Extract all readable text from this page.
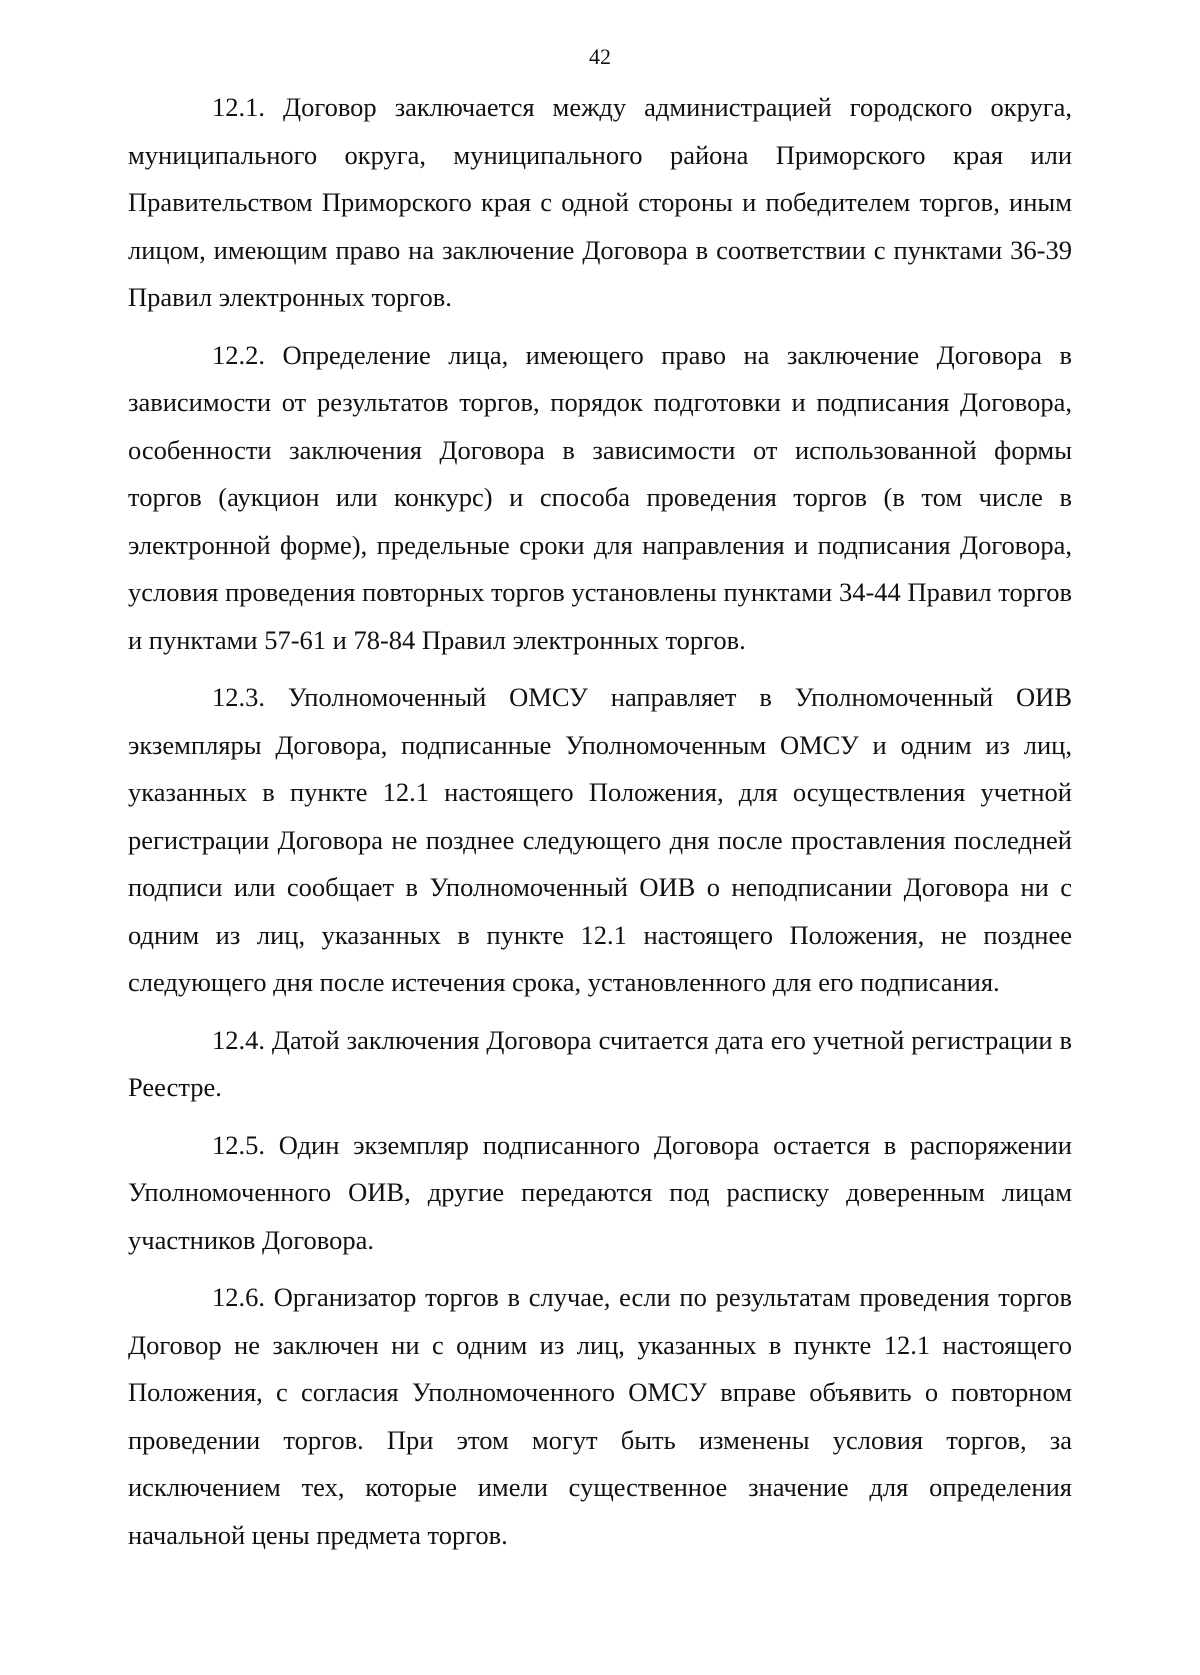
42

12.1. Договор заключается между администрацией городского округа, муниципального округа, муниципального района Приморского края или Правительством Приморского края с одной стороны и победителем торгов, иным лицом, имеющим право на заключение Договора в соответствии с пунктами 36-39 Правил электронных торгов.

12.2. Определение лица, имеющего право на заключение Договора в зависимости от результатов торгов, порядок подготовки и подписания Договора, особенности заключения Договора в зависимости от использованной формы торгов (аукцион или конкурс) и способа проведения торгов (в том числе в электронной форме), предельные сроки для направления и подписания Договора, условия проведения повторных торгов установлены пунктами 34-44 Правил торгов и пунктами 57-61 и 78-84 Правил электронных торгов.

12.3. Уполномоченный ОМСУ направляет в Уполномоченный ОИВ экземпляры Договора, подписанные Уполномоченным ОМСУ и одним из лиц, указанных в пункте 12.1 настоящего Положения, для осуществления учетной регистрации Договора не позднее следующего дня после проставления последней подписи или сообщает в Уполномоченный ОИВ о неподписании Договора ни с одним из лиц, указанных в пункте 12.1 настоящего Положения, не позднее следующего дня после истечения срока, установленного для его подписания.

12.4. Датой заключения Договора считается дата его учетной регистрации в Реестре.

12.5. Один экземпляр подписанного Договора остается в распоряжении Уполномоченного ОИВ, другие передаются под расписку доверенным лицам участников Договора.

12.6. Организатор торгов в случае, если по результатам проведения торгов Договор не заключен ни с одним из лиц, указанных в пункте 12.1 настоящего Положения, с согласия Уполномоченного ОМСУ вправе объявить о повторном проведении торгов. При этом могут быть изменены условия торгов, за исключением тех, которые имели существенное значение для определения начальной цены предмета торгов.
